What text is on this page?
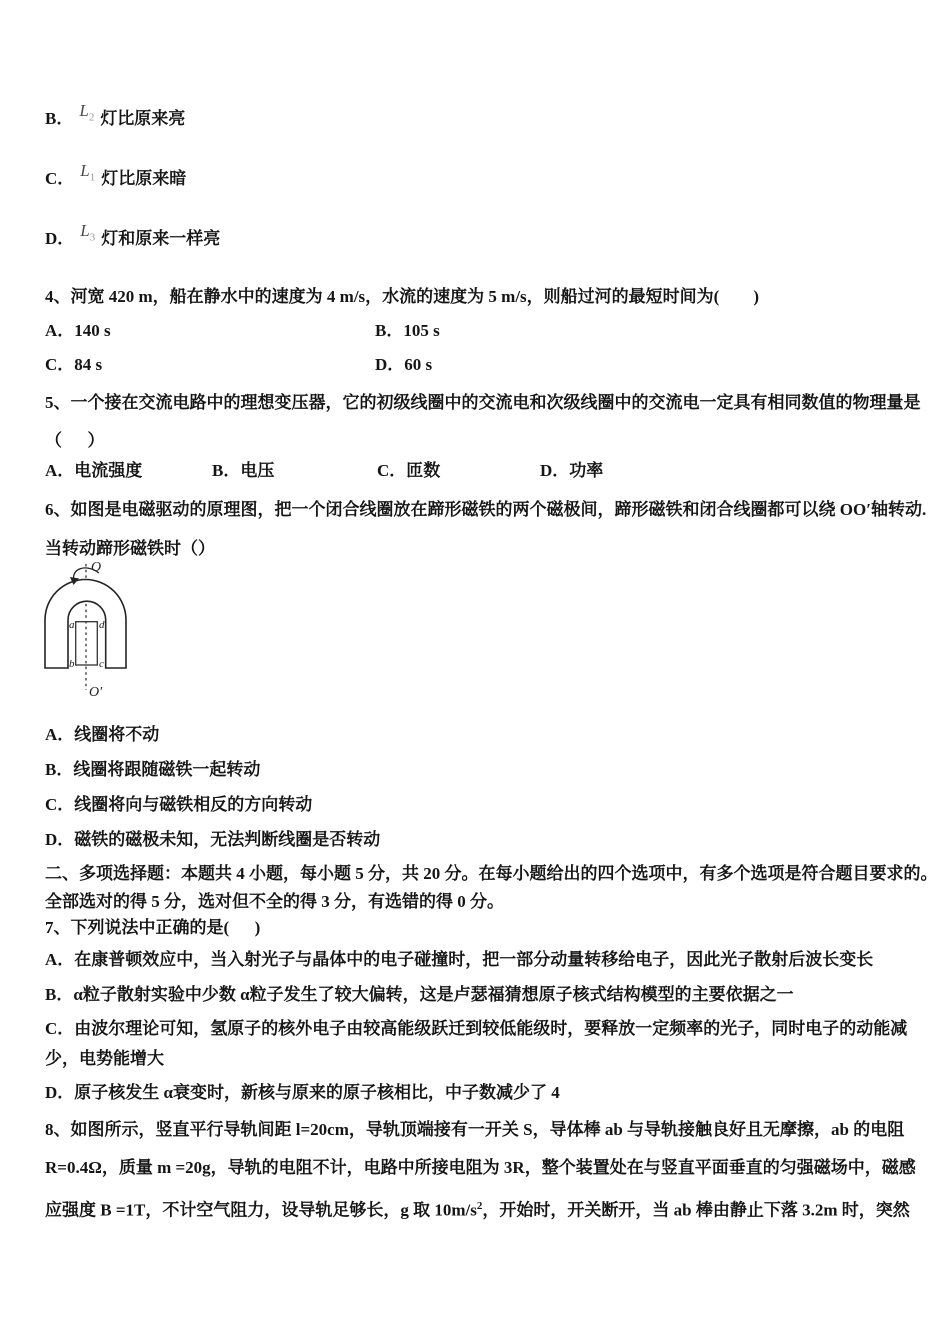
B． $L_2$ 灯比原来亮
C． $L_1$ 灯比原来暗
D． $L_3$ 灯和原来一样亮
4、河宽 420 m，船在静水中的速度为 4 m/s，水流的速度为 5 m/s，则船过河的最短时间为(        )
A．140 s	B．105 s
C．84 s	D．60 s
5、一个接在交流电路中的理想变压器，它的初级线圈中的交流电和次级线圈中的交流电一定具有相同数值的物理量是
（      ）
A．电流强度	B．电压	C．匝数	D．功率
6、如图是电磁驱动的原理图，把一个闭合线圈放在蹄形磁铁的两个磁极间，蹄形磁铁和闭合线圈都可以绕 OO′轴转动.
当转动蹄形磁铁时（）
O
O′
a d
b c
A．线圈将不动
B．线圈将跟随磁铁一起转动
C．线圈将向与磁铁相反的方向转动
D．磁铁的磁极未知，无法判断线圈是否转动
二、多项选择题：本题共 4 小题，每小题 5 分，共 20 分。在每小题给出的四个选项中，有多个选项是符合题目要求的。
全部选对的得 5 分，选对但不全的得 3 分，有选错的得 0 分。
7、下列说法中正确的是(      )
A．在康普顿效应中，当入射光子与晶体中的电子碰撞时，把一部分动量转移给电子，因此光子散射后波长变长
B．α粒子散射实验中少数 α粒子发生了较大偏转，这是卢瑟福猜想原子核式结构模型的主要依据之一
C．由波尔理论可知，氢原子的核外电子由较高能级跃迁到较低能级时，要释放一定频率的光子，同时电子的动能减
少，电势能增大
D．原子核发生 α衰变时，新核与原来的原子核相比，中子数减少了 4
8、如图所示，竖直平行导轨间距 l=20cm，导轨顶端接有一开关 S，导体棒 ab 与导轨接触良好且无摩擦，ab 的电阻
R=0.4Ω，质量 m =20g，导轨的电阻不计，电路中所接电阻为 3R，整个装置处在与竖直平面垂直的匀强磁场中，磁感
应强度 B =1T，不计空气阻力，设导轨足够长，g 取 $10m/s^2$，开始时，开关断开，当 ab 棒由静止下落 3.2m 时，突然
